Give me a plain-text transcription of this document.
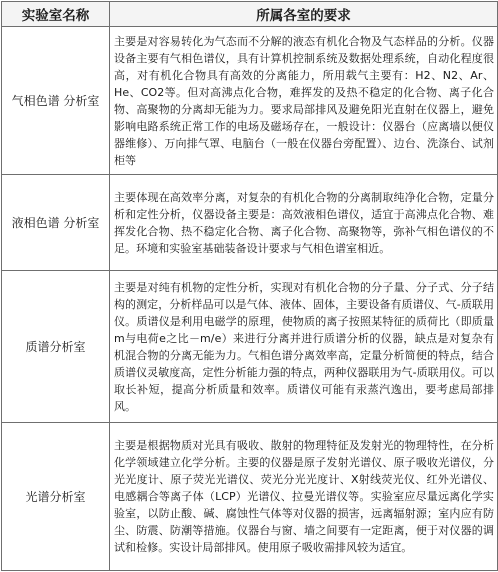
实验室名称	所属各室的要求
气相色谱 分析室	主要是对容易转化为气态而不分解的液态有机化合物及气态样品的分析。仪器设备主要有气相色谱仪，具有计算机控制系统及数据处理系统，自动化程度很高，对有机化合物具有高效的分离能力，所用载气主要有：H2、N2、Ar、He、CO2等。但对高沸点化合物，难挥发的及热不稳定的化合物、离子化合物、高聚物的分离却无能为力。要求局部排风及避免阳光直射在仪器上，避免影响电路系统正常工作的电场及磁场存在，一般设计：仪器台（应离墙以便仪器维修）、万向排气罩、电脑台（一般在仪器台旁配置）、边台、洗涤台、试剂柜等
液相色谱 分析室	主要体现在高效率分离，对复杂的有机化合物的分离制取纯净化合物，定量分析和定性分析，仪器设备主要是：高效液相色谱仪，适宜于高沸点化合物、难挥发化合物、热不稳定化合物、离子化合物、高聚物等，弥补气相色谱仪的不足。环境和实验室基础装备设计要求与气相色谱室相近。
质谱分析室	主要是对纯有机物的定性分析，实现对有机化合物的分子量、分子式、分子结构的测定，分析样品可以是气体、液体、固体，主要设备有质谱仪、气-质联用仪。质谱仪是利用电磁学的原理，使物质的离子按照某特征的质荷比（即质量m与电荷e之比－m/e）来进行分离并进行质谱分析的仪器，缺点是对复杂有机混合物的分离无能为力。气相色谱分离效率高，定量分析简便的特点，结合质谱仪灵敏度高，定性分析能力强的特点，两种仪器联用为气-质联用仪。可以取长补短，提高分析质量和效率。质谱仪可能有汞蒸汽逸出，要考虑局部排风。
光谱分析室	主要是根据物质对光具有吸收、散射的物理特征及发射光的物理特性，在分析化学领域建立化学分析。主要的仪器是原子发射光谱仪、原子吸收光谱仪，分光光度计、原子荧光光谱仪、荧光分光光度计、X射线荧光仪、红外光谱仪、电感耦合等离子体（LCP）光谱仪、拉曼光谱仪等。实验室应尽量远离化学实验室，以防止酸、碱、腐蚀性气体等对仪器的损害，远离辐射源；室内应有防尘、防震、防潮等措施。仪器台与窗、墙之间要有一定距离，便于对仪器的调试和检修。实设计局部排风。使用原子吸收需排风较为适宜。
